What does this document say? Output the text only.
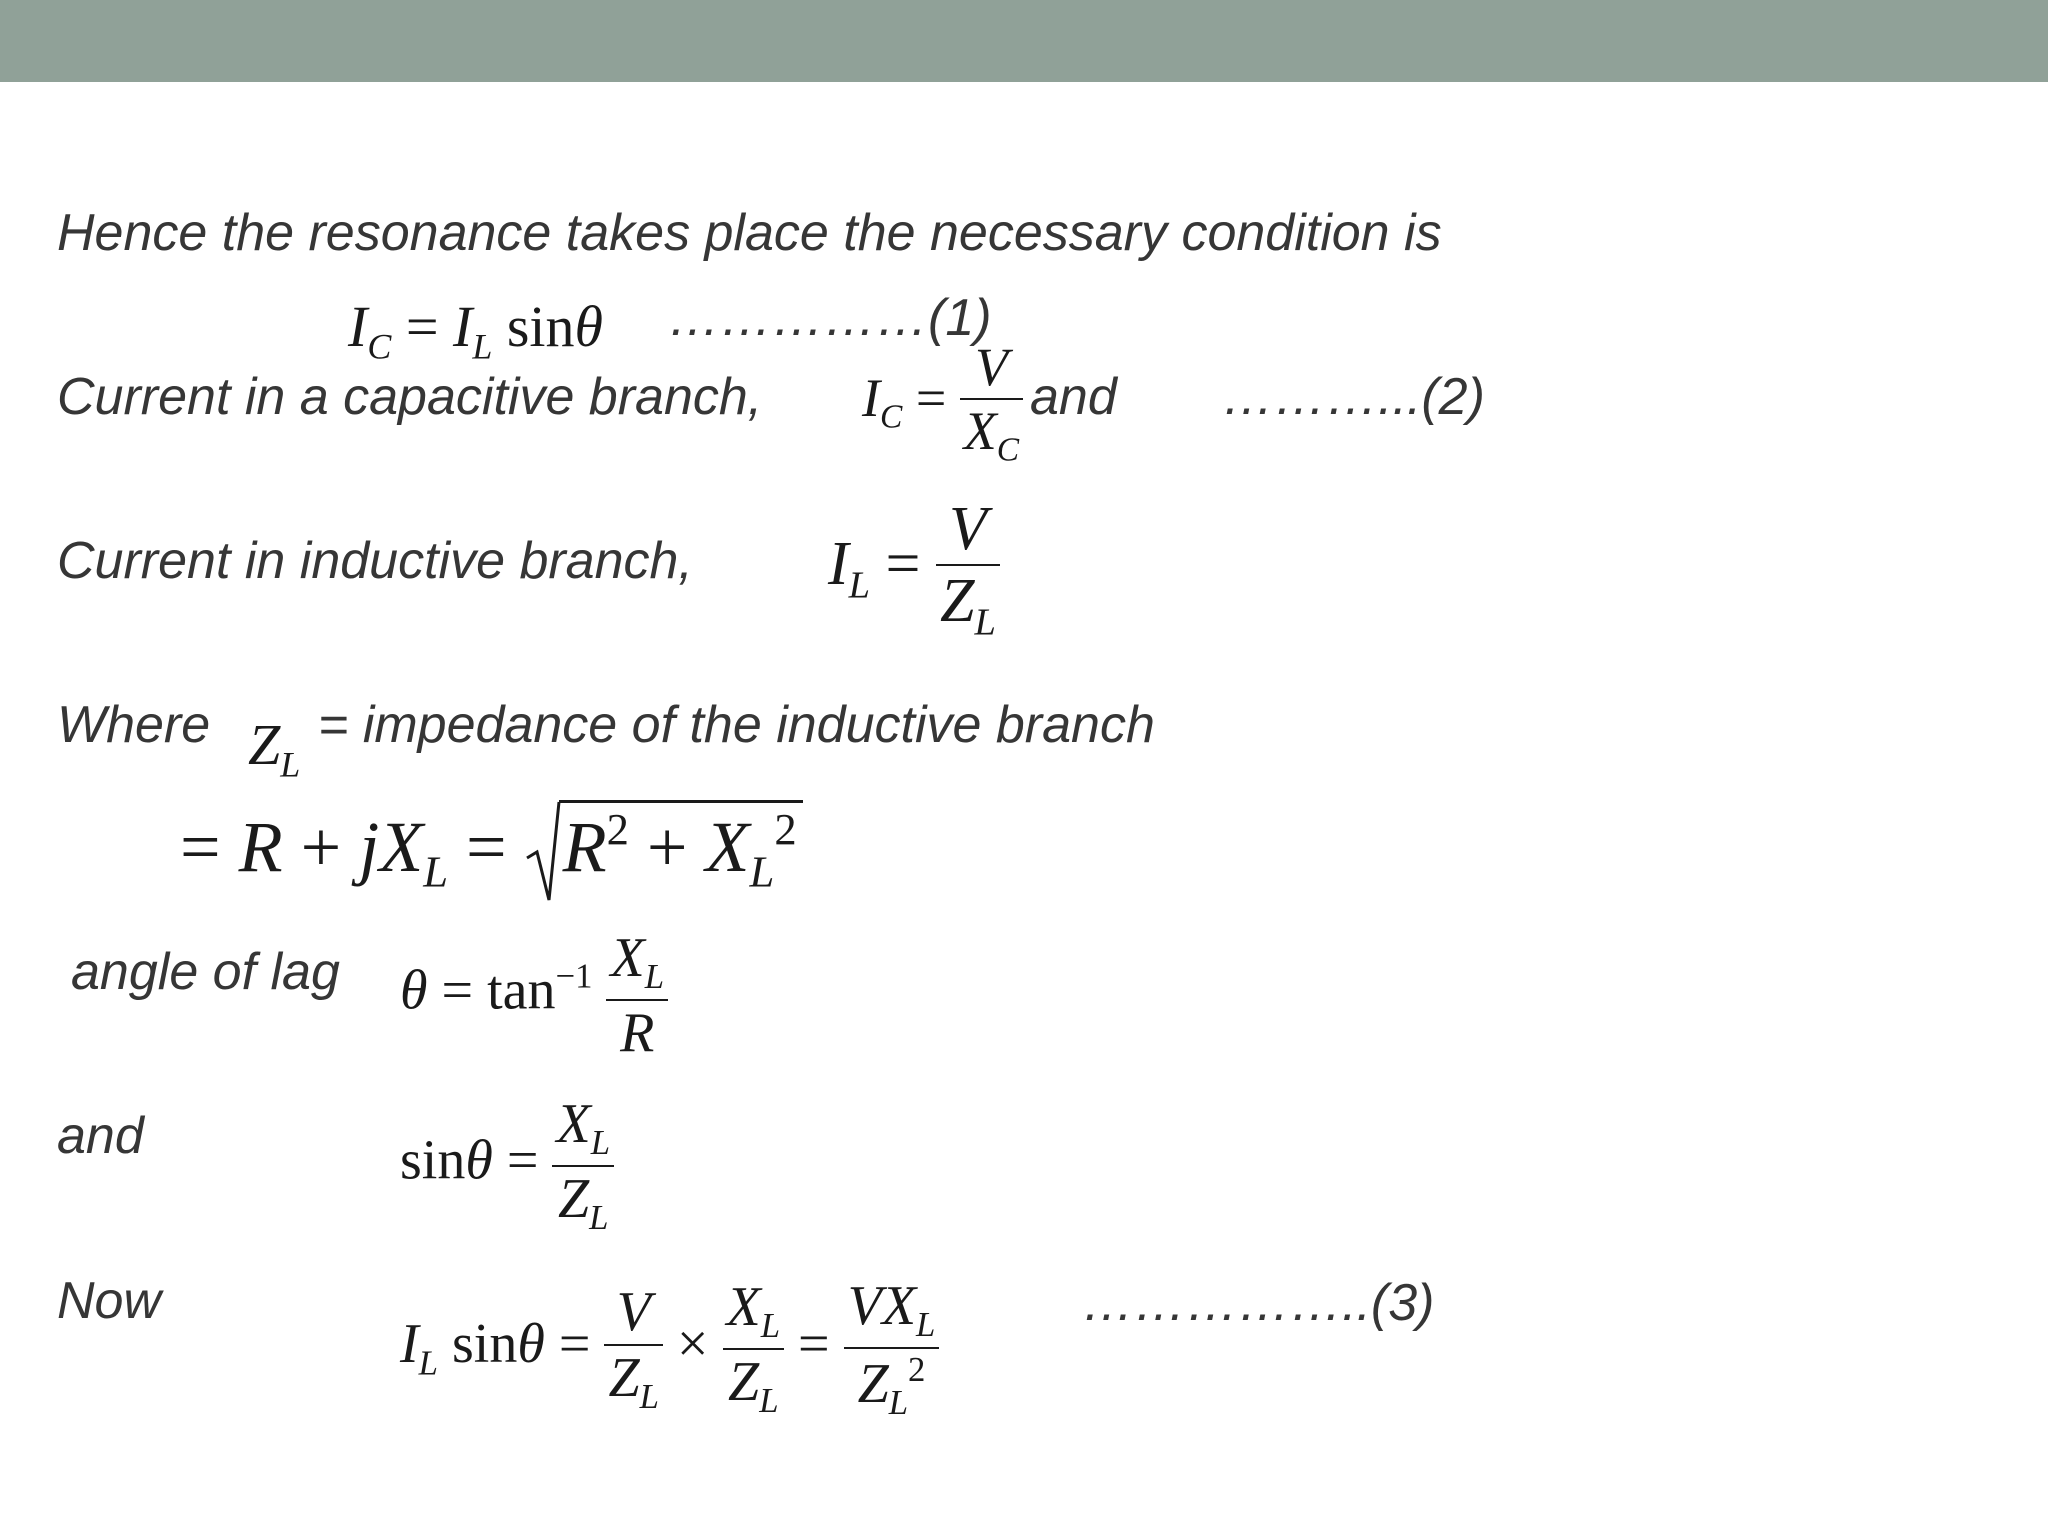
Hence the resonance takes place the necessary condition is
$I_C = I_L$ sinθ ……………(1)
Current in a capacitive branch, $I_C = \frac{V}{X_C}$ and ………...(2)
Current in inductive branch, $I_L = \frac{V}{Z_L}$
Where $Z_L$
= impedance of the inductive branch
= $R + jX_L$ =
$R^2 + X_L^2$
angle of lag $\theta = \tan^{-1} \frac{X_L}{R}$
and	$\sin\theta = \frac{X_L}{Z_L}$
Now
$I_L$ $\sin\theta = \frac{V}{Z_L} \times \frac{X_L}{Z_L} = \frac{VX_L}{Z_L^2}$	……………..(3)
